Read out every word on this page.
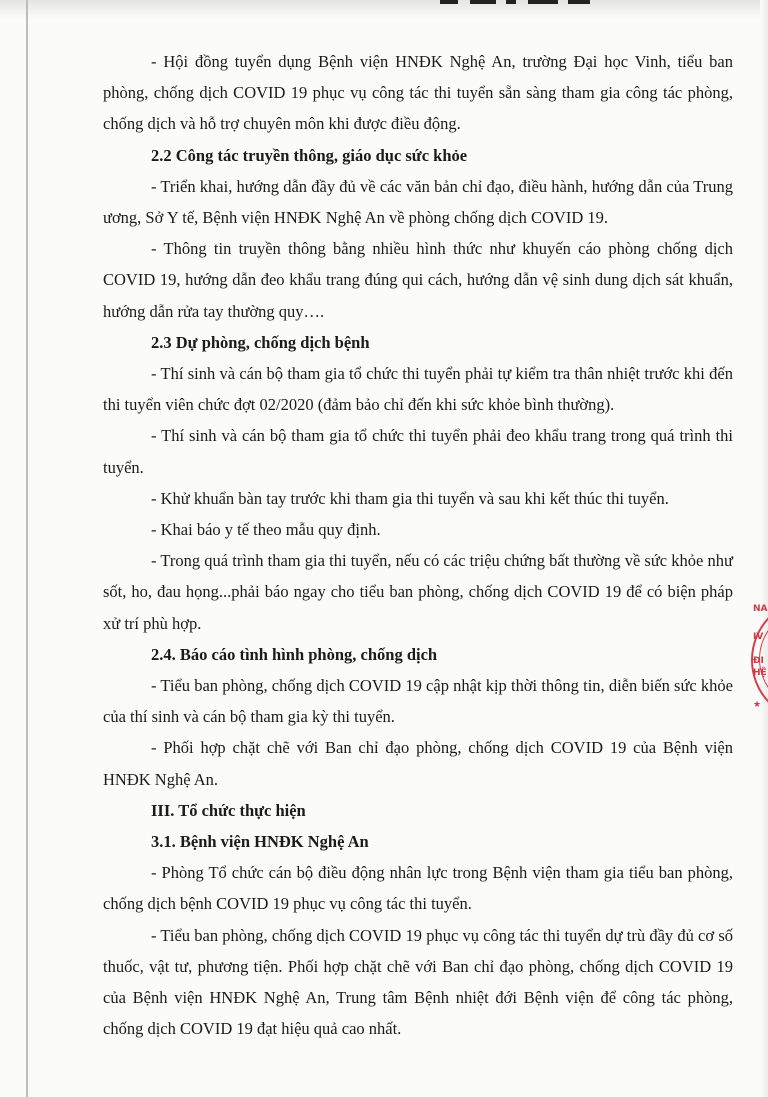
- Hội đồng tuyển dụng Bệnh viện HNĐK Nghệ An, trường Đại học Vinh, tiểu ban phòng, chống dịch COVID 19 phục vụ công tác thi tuyển sẵn sàng tham gia công tác phòng, chống dịch và hỗ trợ chuyên môn khi được điều động.

2.2 Công tác truyền thông, giáo dục sức khỏe

- Triển khai, hướng dẫn đầy đủ về các văn bản chỉ đạo, điều hành, hướng dẫn của Trung ương, Sở Y tế, Bệnh viện HNĐK Nghệ An về phòng chống dịch COVID 19.

- Thông tin truyền thông bằng nhiều hình thức như khuyến cáo phòng chống dịch COVID 19, hướng dẫn đeo khẩu trang đúng qui cách, hướng dẫn vệ sinh dung dịch sát khuẩn, hướng dẫn rửa tay thường quy….

2.3 Dự phòng, chống dịch bệnh

- Thí sinh và cán bộ tham gia tổ chức thi tuyển phải tự kiểm tra thân nhiệt trước khi đến thi tuyển viên chức đợt 02/2020 (đảm bảo chỉ đến khi sức khỏe bình thường).

- Thí sinh và cán bộ tham gia tổ chức thi tuyển phải đeo khẩu trang trong quá trình thi tuyển.

- Khử khuẩn bàn tay trước khi tham gia thi tuyển và sau khi kết thúc thi tuyển.

- Khai báo y tế theo mẫu quy định.

- Trong quá trình tham gia thi tuyển, nếu có các triệu chứng bất thường về sức khỏe như sốt, ho, đau họng...phải báo ngay cho tiểu ban phòng, chống dịch COVID 19 để có biện pháp xử trí phù hợp.

2.4. Báo cáo tình hình phòng, chống dịch

- Tiểu ban phòng, chống dịch COVID 19 cập nhật kịp thời thông tin, diễn biến sức khỏe của thí sinh và cán bộ tham gia kỳ thi tuyển.

- Phối hợp chặt chẽ với Ban chỉ đạo phòng, chống dịch COVID 19 của Bệnh viện HNĐK Nghệ An.

III. Tổ chức thực hiện

3.1. Bệnh viện HNĐK Nghệ An

- Phòng Tổ chức cán bộ điều động nhân lực trong Bệnh viện tham gia tiểu ban phòng, chống dịch bệnh COVID 19 phục vụ công tác thi tuyển.

- Tiểu ban phòng, chống dịch COVID 19 phục vụ công tác thi tuyển dự trù đầy đủ cơ số thuốc, vật tư, phương tiện. Phối hợp chặt chẽ với Ban chỉ đạo phòng, chống dịch COVID 19 của Bệnh viện HNĐK Nghệ An, Trung tâm Bệnh nhiệt đới Bệnh viện để công tác phòng, chống dịch COVID 19 đạt hiệu quả cao nhất.

NA
IV
ĐI
HỆ
★
